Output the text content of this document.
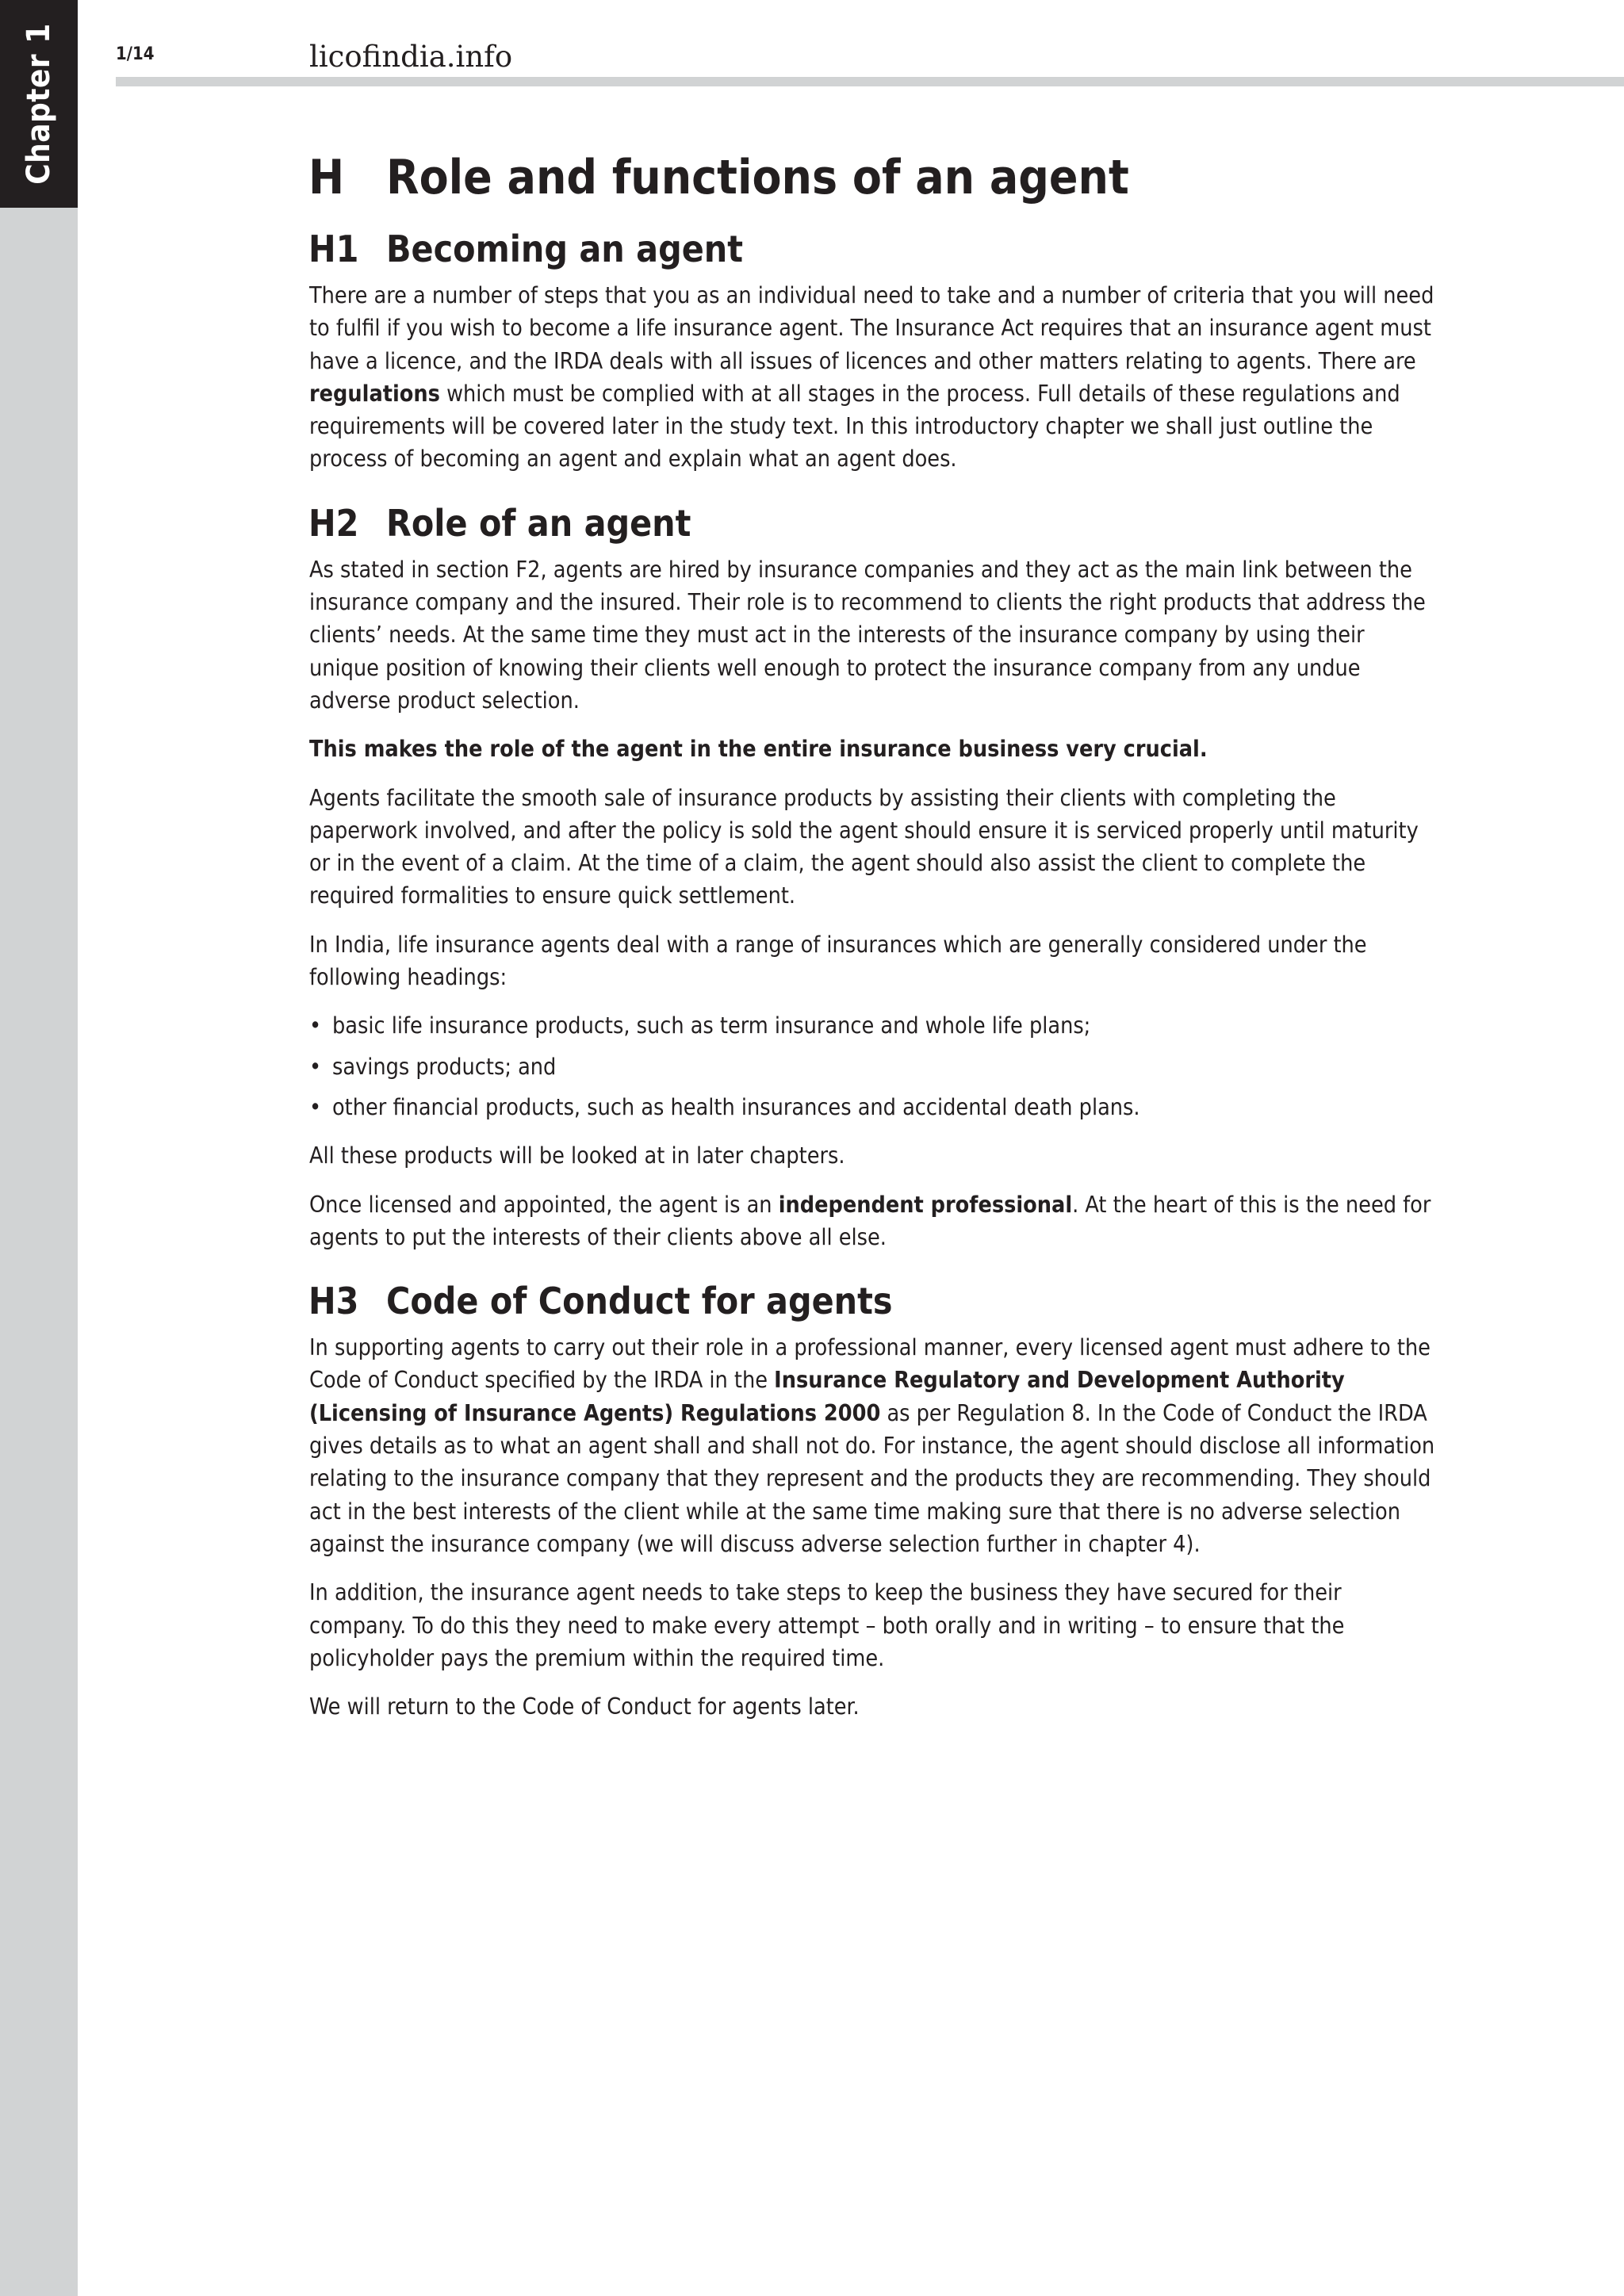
Chapter 1	1/14	licofindia.info
H Role and functions of an agent
H1 Becoming an agent

There are a number of steps that you as an individual need to take and a number of criteria that you will need to fulfil if you wish to become a life insurance agent. The Insurance Act requires that an insurance agent must have a licence, and the IRDA deals with all issues of licences and other matters relating to agents. There are regulations which must be complied with at all stages in the process. Full details of these regulations and requirements will be covered later in the study text. In this introductory chapter we shall just outline the process of becoming an agent and explain what an agent does.

H2 Role of an agent

As stated in section F2, agents are hired by insurance companies and they act as the main link between the insurance company and the insured. Their role is to recommend to clients the right products that address the clients’ needs. At the same time they must act in the interests of the insurance company by using their unique position of knowing their clients well enough to protect the insurance company from any undue adverse product selection.

This makes the role of the agent in the entire insurance business very crucial.

Agents facilitate the smooth sale of insurance products by assisting their clients with completing the paperwork involved, and after the policy is sold the agent should ensure it is serviced properly until maturity or in the event of a claim. At the time of a claim, the agent should also assist the client to complete the required formalities to ensure quick settlement.

In India, life insurance agents deal with a range of insurances which are generally considered under the following headings:

• basic life insurance products, such as term insurance and whole life plans;
• savings products; and
• other financial products, such as health insurances and accidental death plans.

All these products will be looked at in later chapters.

Once licensed and appointed, the agent is an independent professional. At the heart of this is the need for agents to put the interests of their clients above all else.

H3 Code of Conduct for agents

In supporting agents to carry out their role in a professional manner, every licensed agent must adhere to the Code of Conduct specified by the IRDA in the Insurance Regulatory and Development Authority (Licensing of Insurance Agents) Regulations 2000 as per Regulation 8. In the Code of Conduct the IRDA gives details as to what an agent shall and shall not do. For instance, the agent should disclose all information relating to the insurance company that they represent and the products they are recommending. They should act in the best interests of the client while at the same time making sure that there is no adverse selection against the insurance company (we will discuss adverse selection further in chapter 4).

In addition, the insurance agent needs to take steps to keep the business they have secured for their company. To do this they need to make every attempt – both orally and in writing – to ensure that the policyholder pays the premium within the required time.

We will return to the Code of Conduct for agents later.
